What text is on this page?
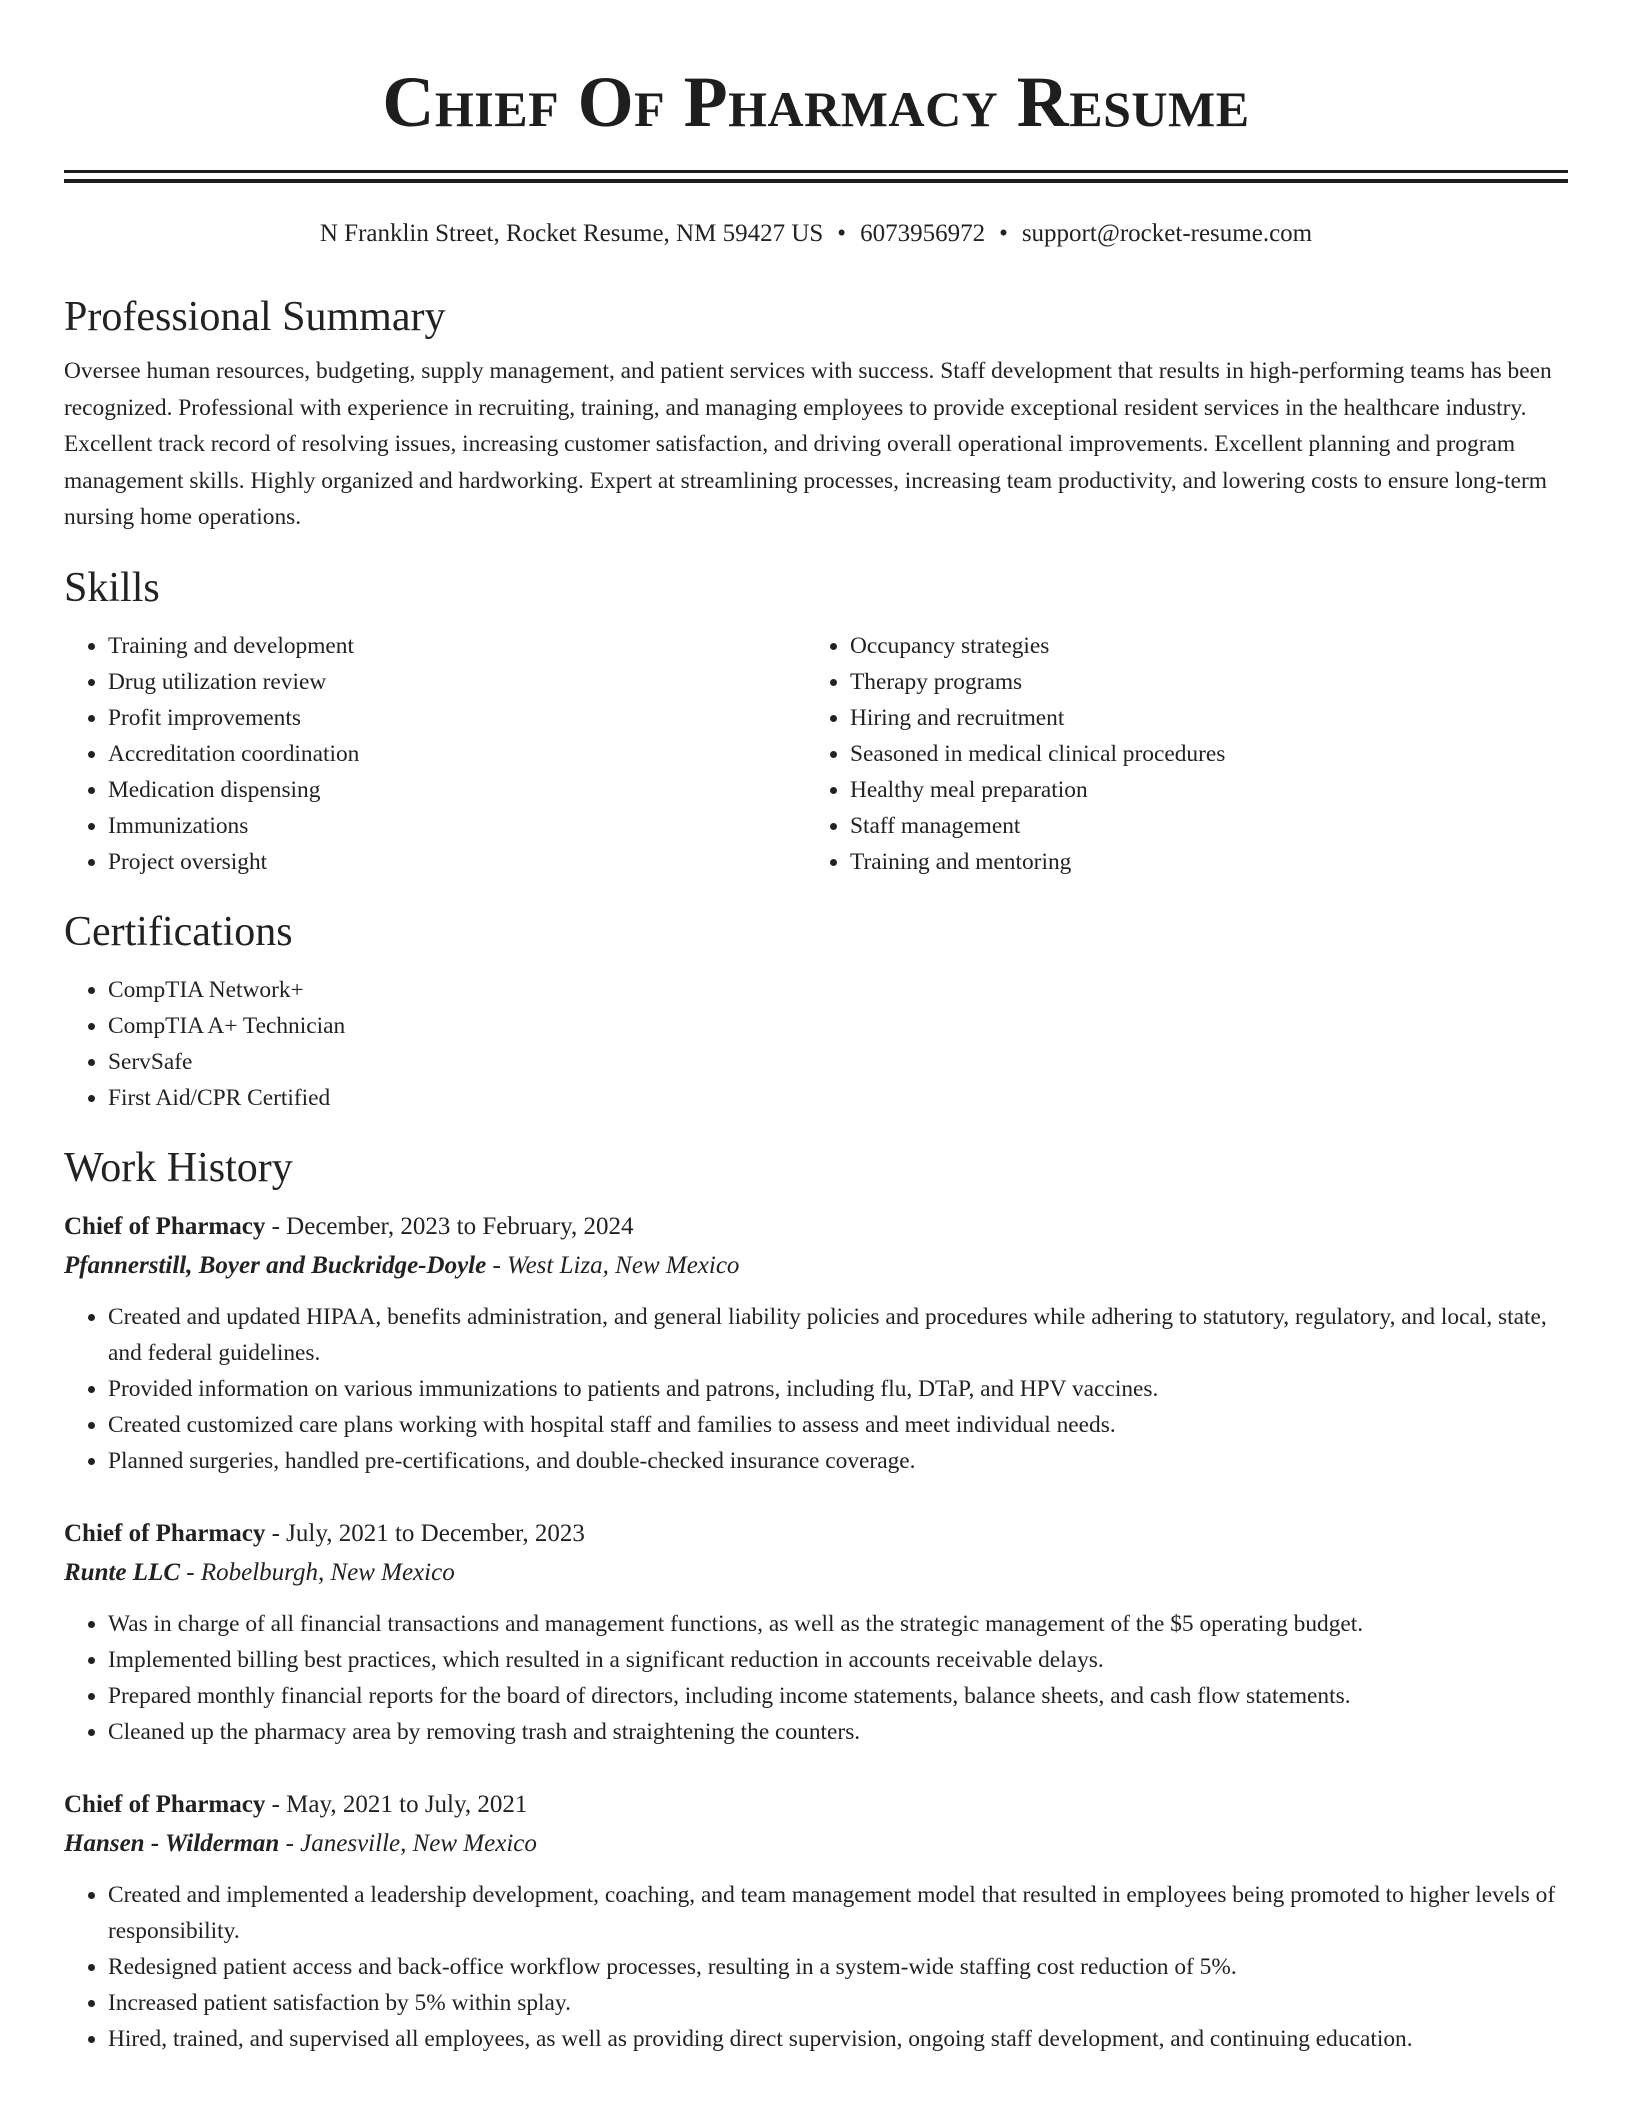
Chief Of Pharmacy Resume
N Franklin Street, Rocket Resume, NM 59427 US • 6073956972 • support@rocket-resume.com
Professional Summary

Oversee human resources, budgeting, supply management, and patient services with success. Staff development that results in high-performing teams has been recognized. Professional with experience in recruiting, training, and managing employees to provide exceptional resident services in the healthcare industry. Excellent track record of resolving issues, increasing customer satisfaction, and driving overall operational improvements. Excellent planning and program management skills. Highly organized and hardworking. Expert at streamlining processes, increasing team productivity, and lowering costs to ensure long-term nursing home operations.

Skills
• Training and development
• Drug utilization review
• Profit improvements
• Accreditation coordination
• Medication dispensing
• Immunizations
• Project oversight
• Occupancy strategies
• Therapy programs
• Hiring and recruitment
• Seasoned in medical clinical procedures
• Healthy meal preparation
• Staff management
• Training and mentoring
Certifications
• CompTIA Network+
• CompTIA A+ Technician
• ServSafe
• First Aid/CPR Certified
Work History
Chief of Pharmacy - December, 2023 to February, 2024
Pfannerstill, Boyer and Buckridge-Doyle - West Liza, New Mexico
• Created and updated HIPAA, benefits administration, and general liability policies and procedures while adhering to statutory, regulatory, and local, state, and federal guidelines.
• Provided information on various immunizations to patients and patrons, including flu, DTaP, and HPV vaccines.
• Created customized care plans working with hospital staff and families to assess and meet individual needs.
• Planned surgeries, handled pre-certifications, and double-checked insurance coverage.
Chief of Pharmacy - July, 2021 to December, 2023
Runte LLC - Robelburgh, New Mexico
• Was in charge of all financial transactions and management functions, as well as the strategic management of the $5 operating budget.
• Implemented billing best practices, which resulted in a significant reduction in accounts receivable delays.
• Prepared monthly financial reports for the board of directors, including income statements, balance sheets, and cash flow statements.
• Cleaned up the pharmacy area by removing trash and straightening the counters.
Chief of Pharmacy - May, 2021 to July, 2021
Hansen - Wilderman - Janesville, New Mexico
• Created and implemented a leadership development, coaching, and team management model that resulted in employees being promoted to higher levels of responsibility.
• Redesigned patient access and back-office workflow processes, resulting in a system-wide staffing cost reduction of 5%.
• Increased patient satisfaction by 5% within splay.
• Hired, trained, and supervised all employees, as well as providing direct supervision, ongoing staff development, and continuing education.
